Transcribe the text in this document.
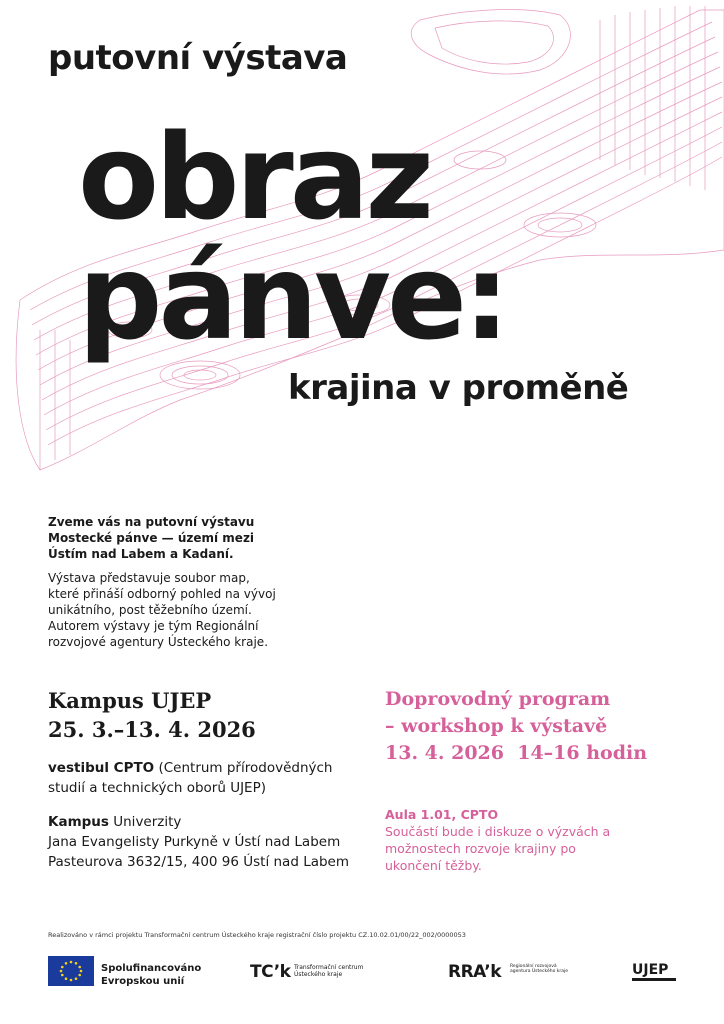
putovní výstava
obraz
pánve:
krajina v proměně

Zveme vás na putovní výstavu Mostecké pánve — území mezi Ústím nad Labem a Kadaní.

Výstava představuje soubor map, které přináší odborný pohled na vývoj unikátního, post těžebního území. Autorem výstavy je tým Regionální rozvojové agentury Ústeckého kraje.

Kampus UJEP
25. 3.–13. 4. 2026

vestibul CPTO (Centrum přírodovědných studií a technických oborů UJEP)

Kampus Univerzity
Jana Evangelisty Purkyně v Ústí nad Labem
Pasteurova 3632/15, 400 96 Ústí nad Labem

Doprovodný program
– workshop k výstavě
13. 4. 2026  14–16 hodin
Aula 1.01, CPTO
Součástí bude i diskuze o výzvách a možnostech rozvoje krajiny po ukončení těžby.
Realizováno v rámci projektu Transformační centrum Ústeckého kraje registrační číslo projektu CZ.10.02.01/00/22_002/0000053
Spolufinancováno
Evropskou unií	TC’k Transformační centrum Ústeckého kraje	RRA’k Regionální rozvojová agentura Ústeckého kraje	UJEP
